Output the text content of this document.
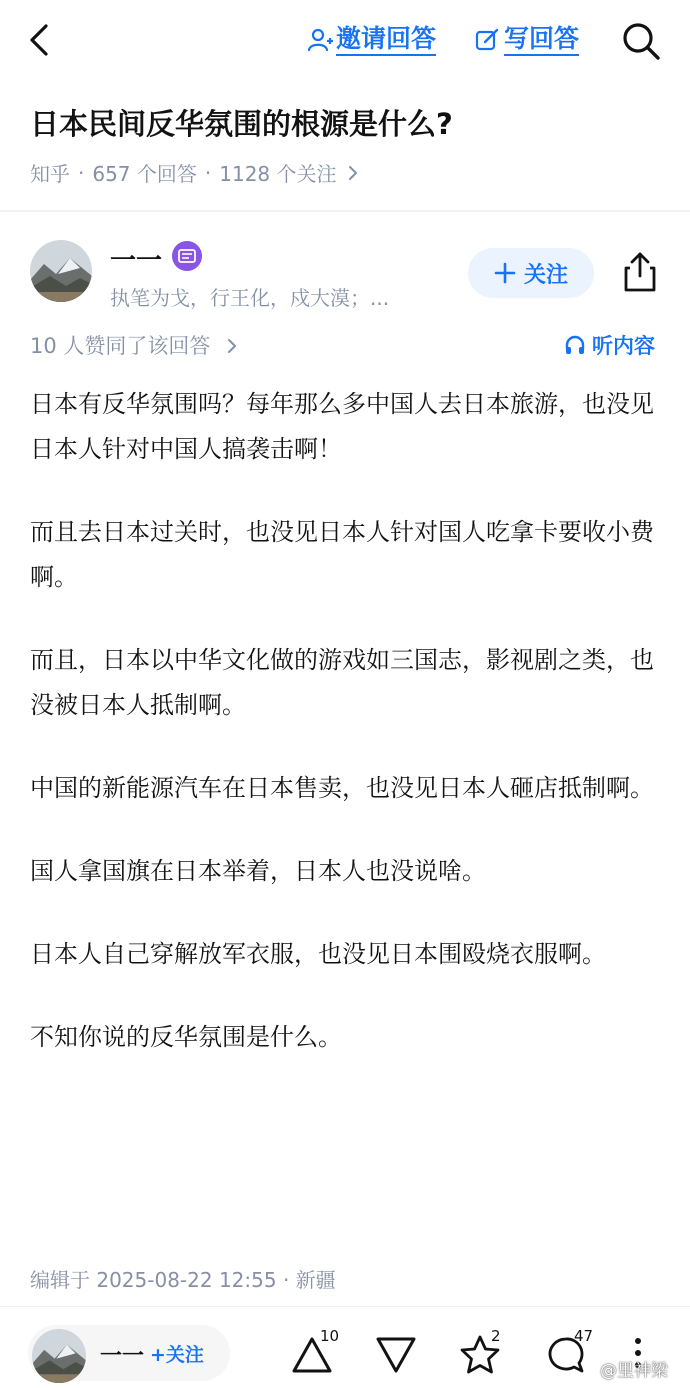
邀请回答	写回答
日本民间反华氛围的根源是什么?
知乎 · 657 个回答 · 1128 个关注
一一
执笔为戈，行王化，戍大漠；...
关注
10 人赞同了该回答	听内容

日本有反华氛围吗？每年那么多中国人去日本旅游，也没见日本人针对中国人搞袭击啊！

而且去日本过关时，也没见日本人针对国人吃拿卡要收小费啊。

而且，日本以中华文化做的游戏如三国志，影视剧之类，也没被日本人抵制啊。

中国的新能源汽车在日本售卖，也没见日本人砸店抵制啊。

国人拿国旗在日本举着，日本人也没说啥。

日本人自己穿解放军衣服，也没见日本围殴烧衣服啊。

不知你说的反华氛围是什么。

编辑于 2025-08-22 12:55 · 新疆
一一 +关注
10	2	47
@里神梁
